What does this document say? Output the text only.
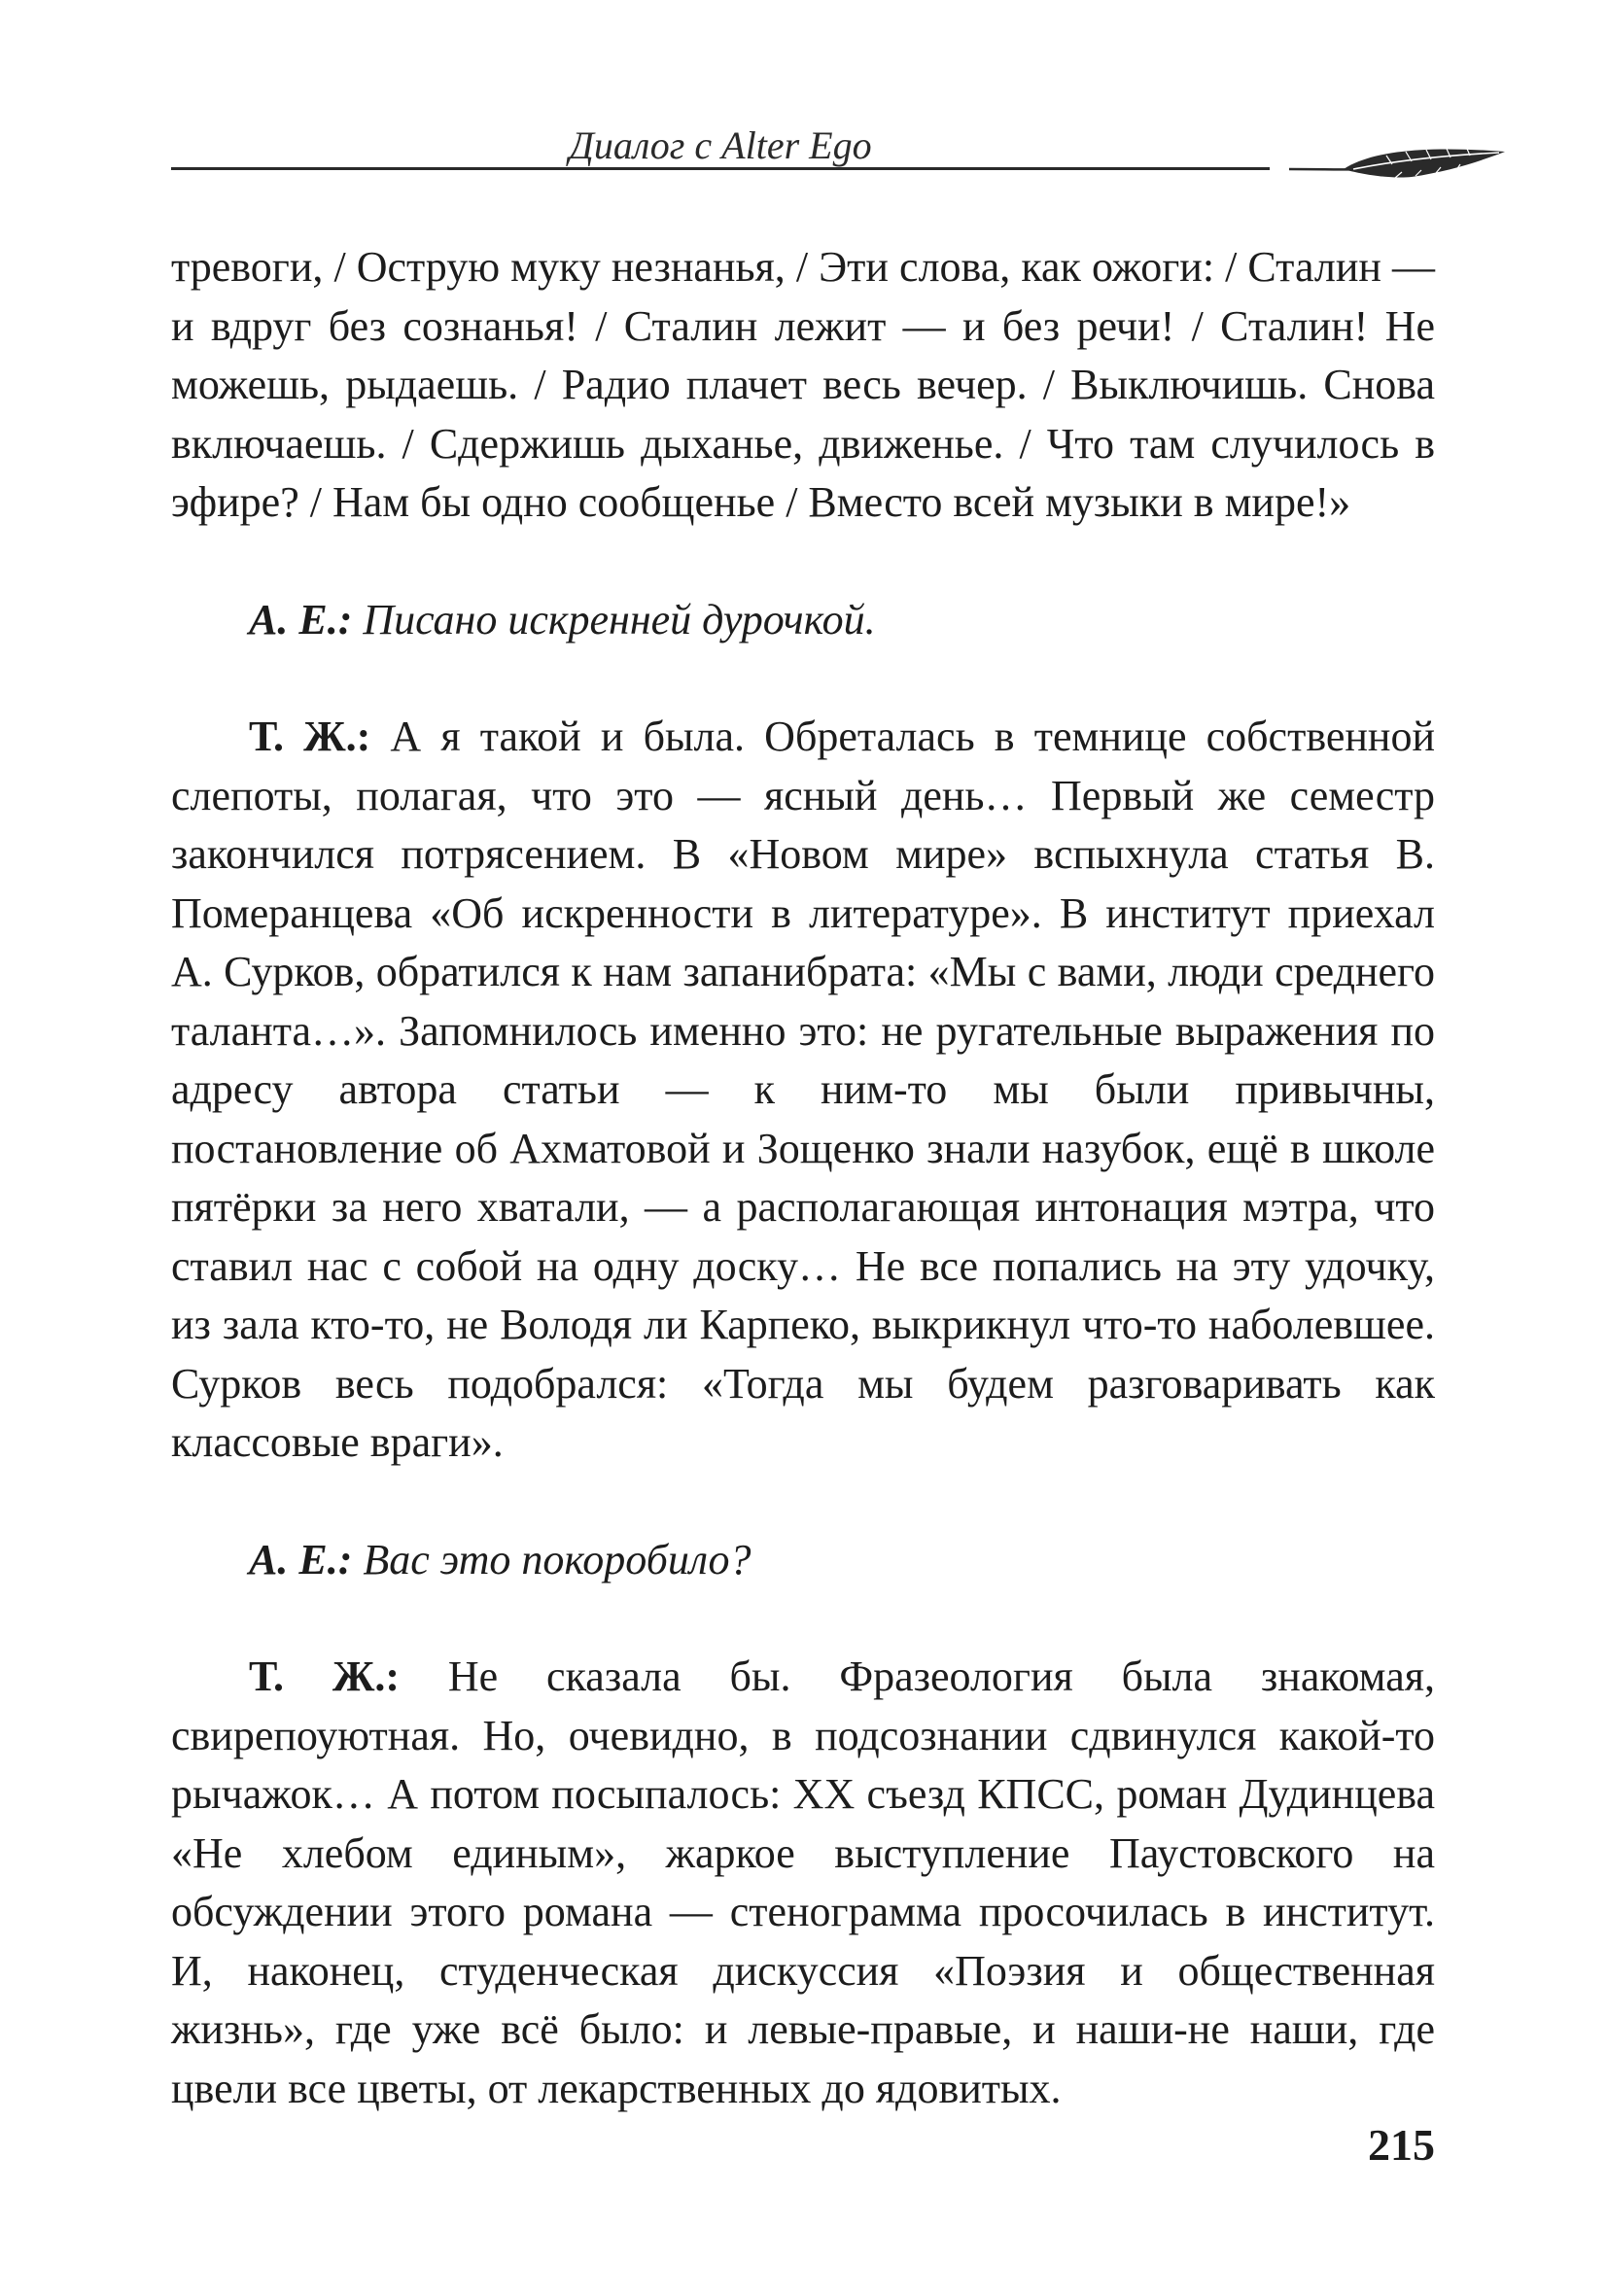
Диалог с Alter Ego

тревоги, / Острую муку незнанья, / Эти слова, как ожоги: / Сталин — и вдруг без сознанья! / Сталин лежит — и без речи! / Сталин! Не можешь, рыдаешь. / Радио плачет весь вечер. / Выключишь. Снова включаешь. / Сдержишь дыханье, движенье. / Что там случилось в эфире? / Нам бы одно сообщенье / Вместо всей музыки в мире!»

А. Е.: Писано искренней дурочкой.

Т. Ж.: А я такой и была. Обреталась в темнице собственной слепоты, полагая, что это — ясный день… Первый же семестр закончился потрясением. В «Новом мире» вспыхнула статья В. Померанцева «Об искренности в литературе». В институт приехал А. Сурков, обратился к нам запанибрата: «Мы с вами, люди среднего таланта…». Запомнилось именно это: не ругательные выражения по адресу автора статьи — к ним-то мы были привычны, постановление об Ахматовой и Зощенко знали назубок, ещё в школе пятёрки за него хватали, — а располагающая интонация мэтра, что ставил нас с собой на одну доску… Не все попались на эту удочку, из зала кто-то, не Володя ли Карпеко, выкрикнул что-то наболевшее. Сурков весь подобрался: «Тогда мы будем разговаривать как классовые враги».

А. Е.: Вас это покоробило?

Т. Ж.: Не сказала бы. Фразеология была знакомая, свирепоуютная. Но, очевидно, в подсознании сдвинулся какой-то рычажок… А потом посыпалось: XX съезд КПСС, роман Дудинцева «Не хлебом единым», жаркое выступление Паустовского на обсуждении этого романа — стенограмма просочилась в институт. И, наконец, студенческая дискуссия «Поэзия и общественная жизнь», где уже всё было: и левые-правые, и наши-не наши, где цвели все цветы, от лекарственных до ядовитых.

215
